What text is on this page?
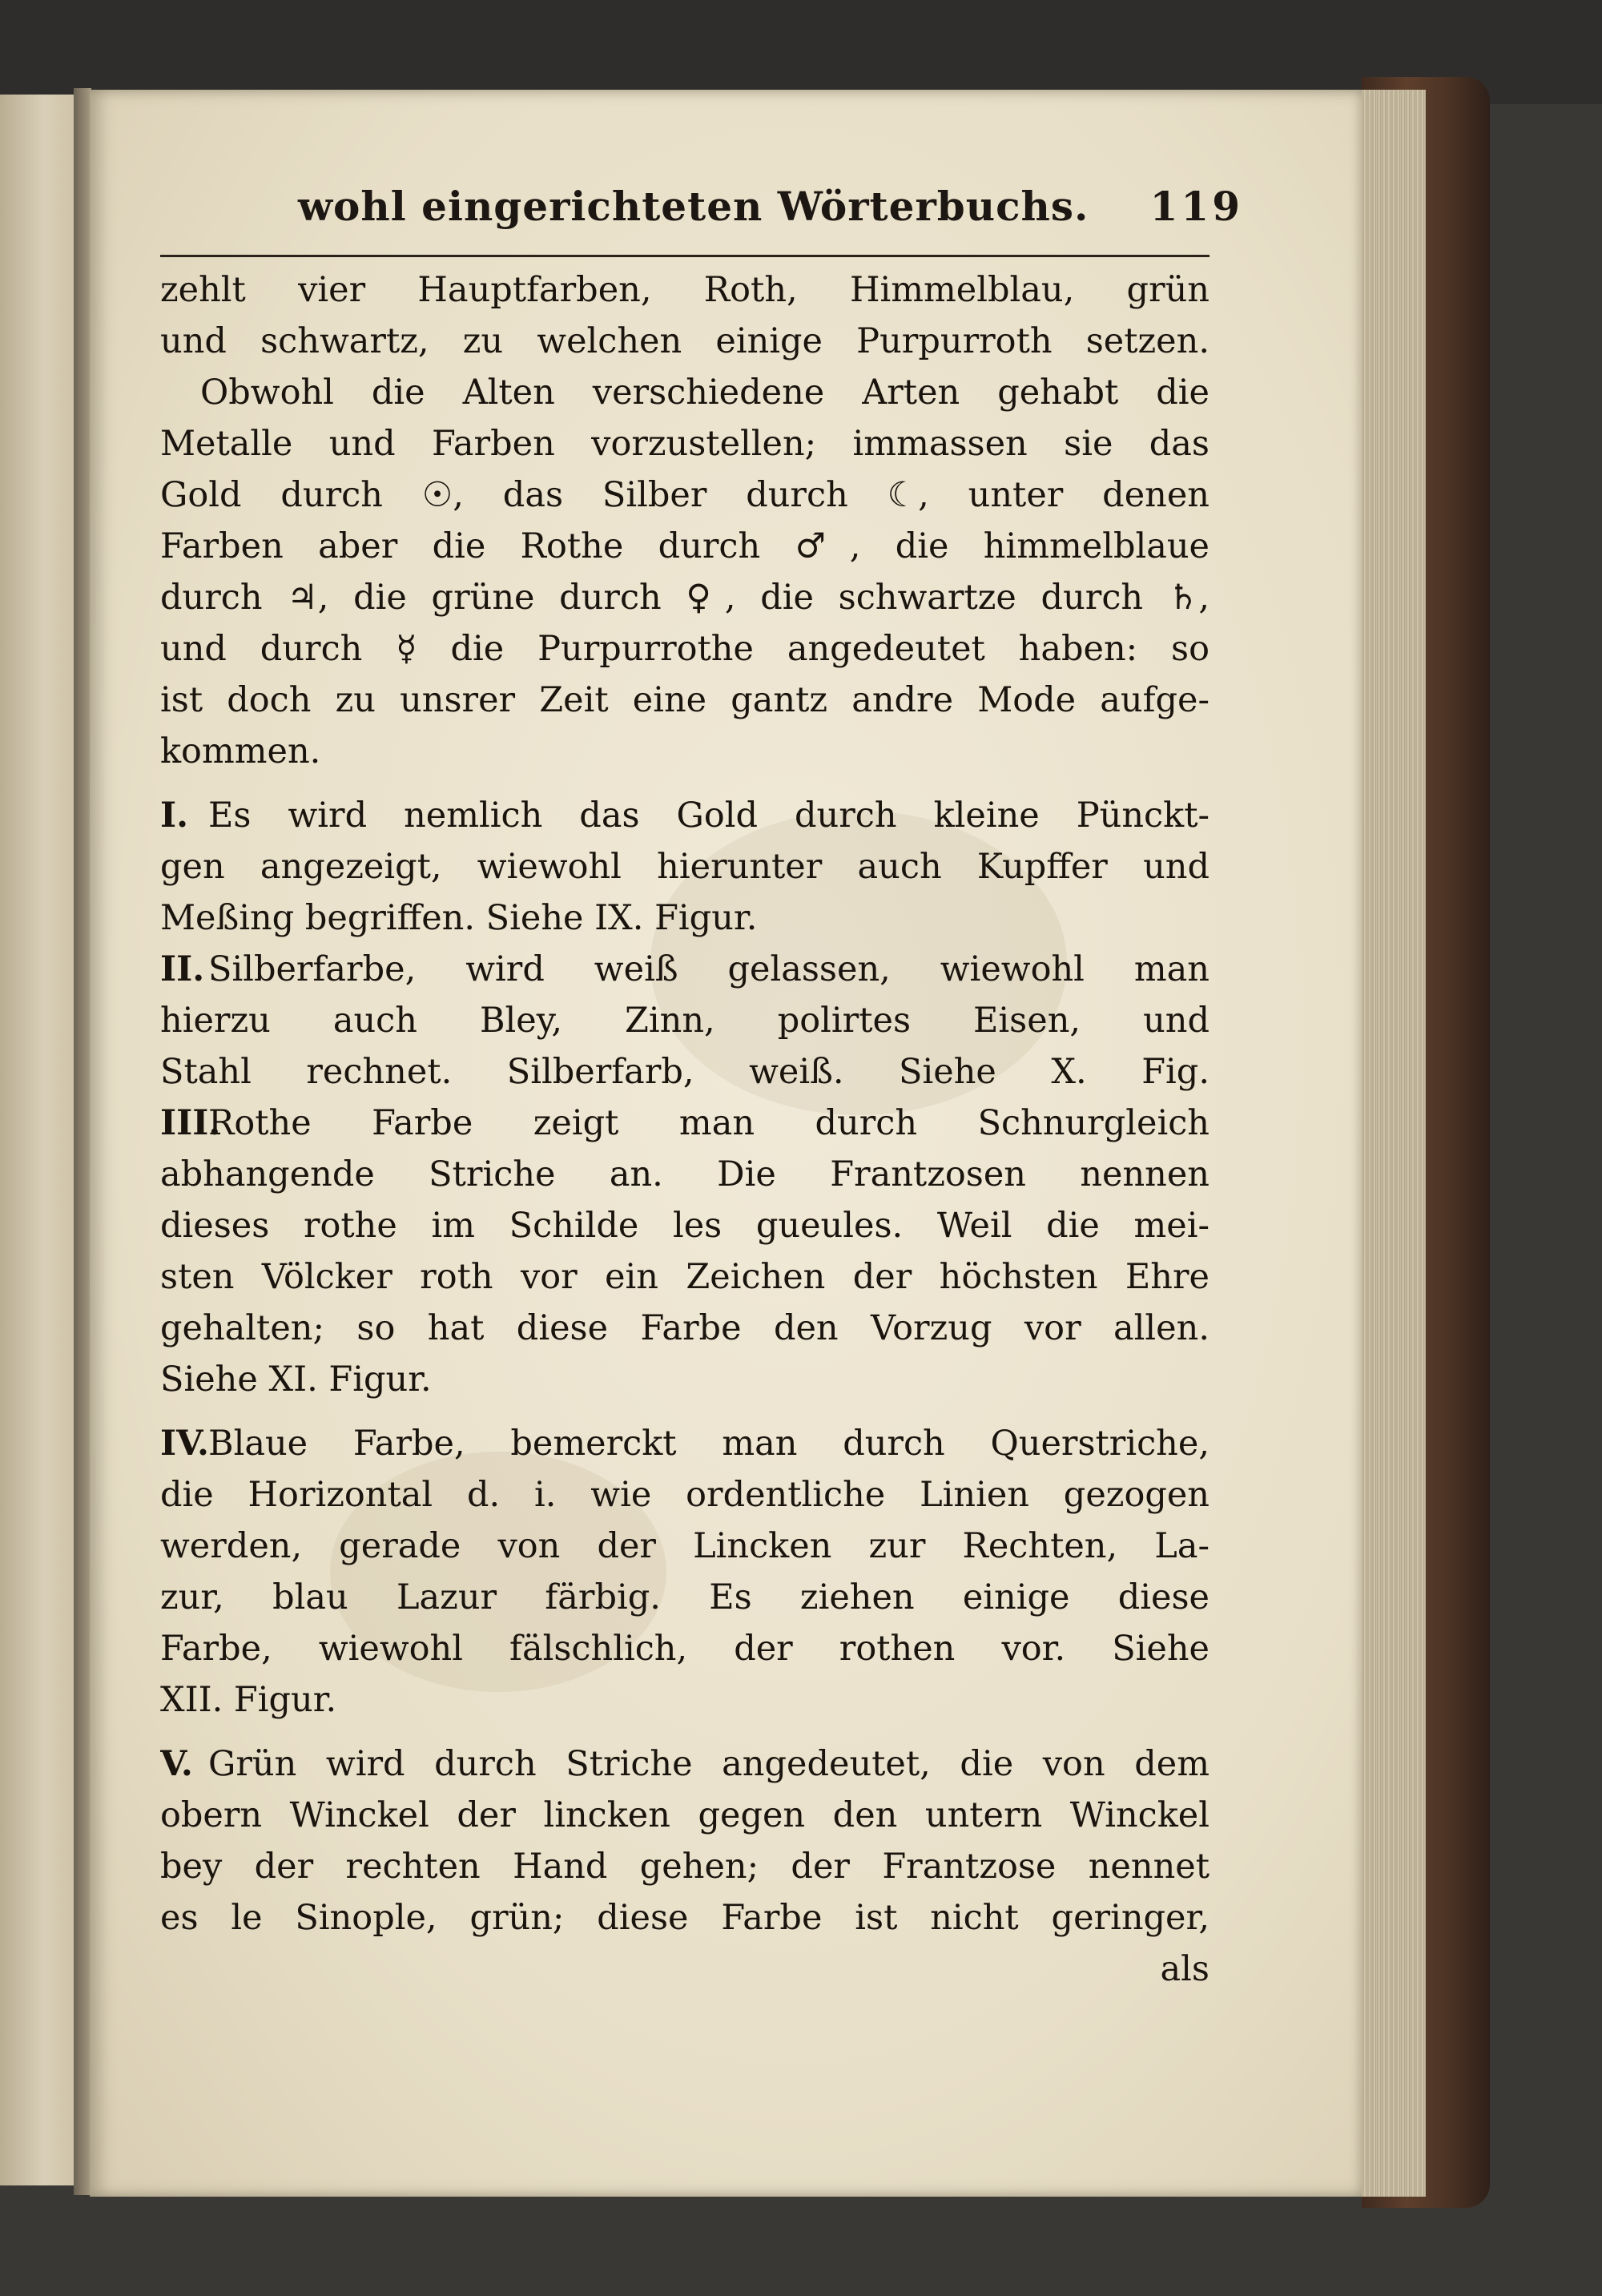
wohl eingerichteten Wörterbuchs. 119
zehlt vier Hauptfarben, Roth, Himmelblau, grün
und schwartz, zu welchen einige Purpurroth setzen.
Obwohl die Alten verschiedene Arten gehabt die
Metalle und Farben vorzustellen; immassen sie das
Gold durch ☉, das Silber durch ☾, unter denen
Farben aber die Rothe durch ♂, die himmelblaue
durch ♃, die grüne durch ♀, die schwartze durch ♄,
und durch ☿ die Purpurrothe angedeutet haben: so
ist doch zu unsrer Zeit eine gantz andre Mode aufge-
kommen.
I. Es wird nemlich das Gold durch kleine Pünckt-
gen angezeigt, wiewohl hierunter auch Kupffer und
Meßing begriffen. Siehe IX. Figur.
II. Silberfarbe, wird weiß gelassen, wiewohl man
hierzu auch Bley, Zinn, polirtes Eisen, und
Stahl rechnet. Silberfarb, weiß. Siehe X. Fig.
III.
Rothe Farbe zeigt man durch Schnurgleich
abhangende Striche an. Die Frantzosen nennen
dieses rothe im Schilde les gueules. Weil die mei-
sten Völcker roth vor ein Zeichen der höchsten Ehre
gehalten; so hat diese Farbe den Vorzug vor allen.
Siehe XI. Figur.
IV. Blaue Farbe, bemerckt man durch Querstriche,
die Horizontal d. i. wie ordentliche Linien gezogen
werden, gerade von der Lincken zur Rechten, La-
zur, blau Lazur färbig. Es ziehen einige diese
Farbe, wiewohl fälschlich, der rothen vor. Siehe
XII. Figur.
V. Grün wird durch Striche angedeutet, die von dem
obern Winckel der lincken gegen den untern Winckel
bey der rechten Hand gehen; der Frantzose nennet
es le Sinople, grün; diese Farbe ist nicht geringer,
als
